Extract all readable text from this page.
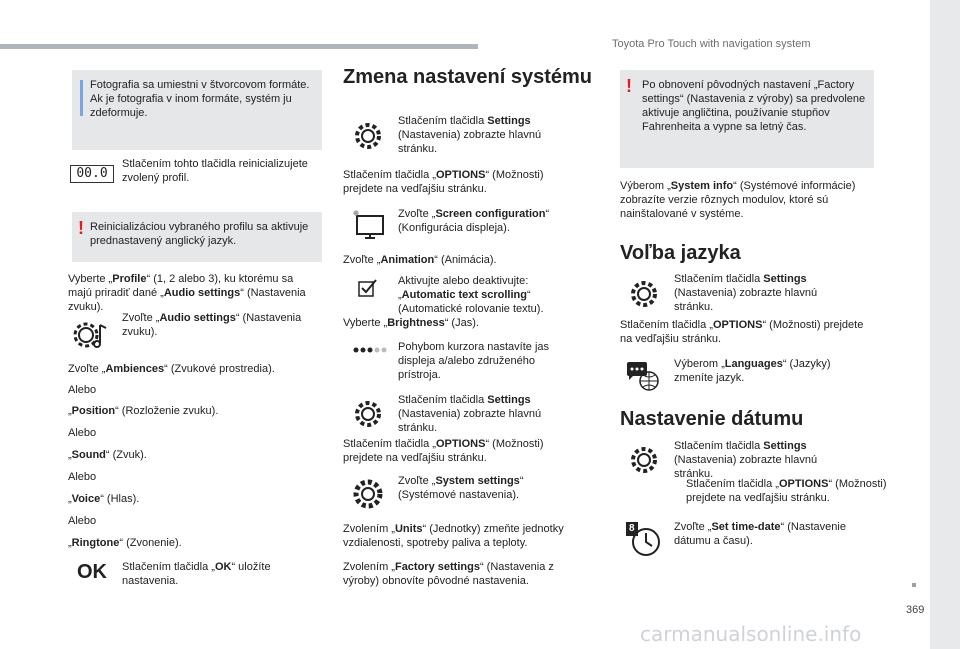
Toyota Pro Touch with navigation system
369
Fotografia sa umiestni v štvorcovom formáte. Ak je fotografia v inom formáte, systém ju zdeformuje.
00.0
Stlačením tohto tlačidla reinicializujete zvolený profil.
! Reinicializáciou vybraného profilu sa aktivuje prednastavený anglický jazyk.
Vyberte „Profile“ (1, 2 alebo 3), ku ktorému sa majú priradiť dané „Audio settings“ (Nastavenia zvuku).
Zvoľte „Audio settings“ (Nastavenia zvuku).
Zvoľte „Ambiences“ (Zvukové prostredia).
Alebo
„Position“ (Rozloženie zvuku).
Alebo
„Sound“ (Zvuk).
Alebo
„Voice“ (Hlas).
Alebo
„Ringtone“ (Zvonenie).
OK	Stlačením tlačidla „OK“ uložíte nastavenia.
Zmena nastavení systému
Stlačením tlačidla Settings (Nastavenia) zobrazte hlavnú stránku.
Stlačením tlačidla „OPTIONS“ (Možnosti) prejdete na vedľajšiu stránku.
Zvoľte „Screen configuration“ (Konfigurácia displeja).
Zvoľte „Animation“ (Animácia).
Aktivujte alebo deaktivujte: „Automatic text scrolling“ (Automatické rolovanie textu).
Vyberte „Brightness“ (Jas).
Pohybom kurzora nastavíte jas displeja a/alebo združeného prístroja.
Stlačením tlačidla Settings (Nastavenia) zobrazte hlavnú stránku.
Stlačením tlačidla „OPTIONS“ (Možnosti) prejdete na vedľajšiu stránku.
Zvoľte „System settings“ (Systémové nastavenia).
Zvolením „Units“ (Jednotky) zmeňte jednotky vzdialenosti, spotreby paliva a teploty.
Zvolením „Factory settings“ (Nastavenia z výroby) obnovíte pôvodné nastavenia.
! Po obnovení pôvodných nastavení „Factory settings“ (Nastavenia z výroby) sa predvolene aktivuje angličtina, používanie stupňov Fahrenheita a vypne sa letný čas.
Výberom „System info“ (Systémové informácie) zobrazíte verzie rôznych modulov, ktoré sú nainštalované v systéme.
Voľba jazyka
Stlačením tlačidla Settings (Nastavenia) zobrazte hlavnú stránku.
Stlačením tlačidla „OPTIONS“ (Možnosti) prejdete na vedľajšiu stránku.
Výberom „Languages“ (Jazyky) zmeníte jazyk.
Nastavenie dátumu
Stlačením tlačidla Settings (Nastavenia) zobrazte hlavnú stránku.
Stlačením tlačidla „OPTIONS“ (Možnosti) prejdete na vedľajšiu stránku.
8	Zvoľte „Set time-date“ (Nastavenie dátumu a času).
carmanualsonline.info
